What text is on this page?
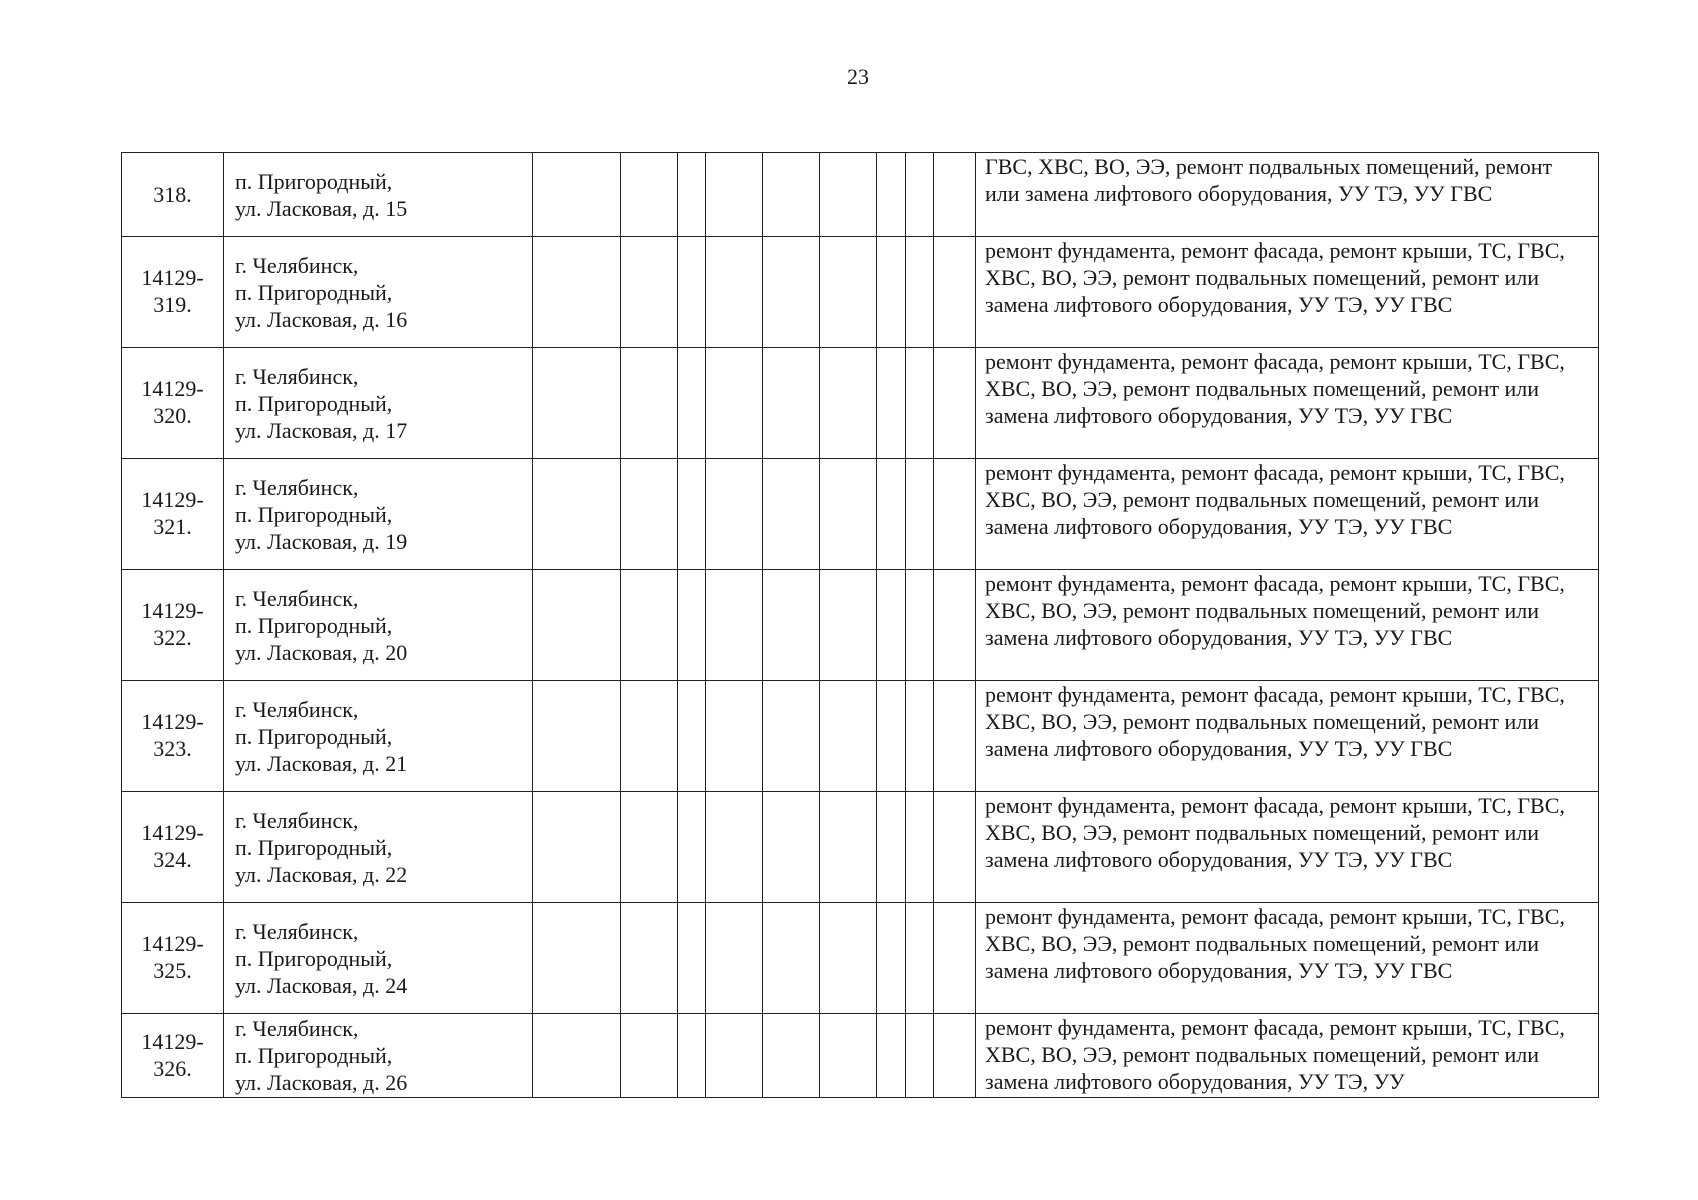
23
318.	п. Пригородный,
ул. Ласковая, д. 15										ГВС, ХВС, ВО, ЭЭ, ремонт подвальных помещений, ремонт или замена лифтового оборудования, УУ ТЭ, УУ ГВС

14129-
319.	г. Челябинск,
п. Пригородный,
ул. Ласковая, д. 16										ремонт фундамента, ремонт фасада, ремонт крыши, ТС, ГВС, ХВС, ВО, ЭЭ, ремонт подвальных помещений, ремонт или замена лифтового оборудования, УУ ТЭ, УУ ГВС

14129-
320.	г. Челябинск,
п. Пригородный,
ул. Ласковая, д. 17										ремонт фундамента, ремонт фасада, ремонт крыши, ТС, ГВС, ХВС, ВО, ЭЭ, ремонт подвальных помещений, ремонт или замена лифтового оборудования, УУ ТЭ, УУ ГВС

14129-
321.	г. Челябинск,
п. Пригородный,
ул. Ласковая, д. 19										ремонт фундамента, ремонт фасада, ремонт крыши, ТС, ГВС, ХВС, ВО, ЭЭ, ремонт подвальных помещений, ремонт или замена лифтового оборудования, УУ ТЭ, УУ ГВС

14129-
322.	г. Челябинск,
п. Пригородный,
ул. Ласковая, д. 20										ремонт фундамента, ремонт фасада, ремонт крыши, ТС, ГВС, ХВС, ВО, ЭЭ, ремонт подвальных помещений, ремонт или замена лифтового оборудования, УУ ТЭ, УУ ГВС

14129-
323.	г. Челябинск,
п. Пригородный,
ул. Ласковая, д. 21										ремонт фундамента, ремонт фасада, ремонт крыши, ТС, ГВС, ХВС, ВО, ЭЭ, ремонт подвальных помещений, ремонт или замена лифтового оборудования, УУ ТЭ, УУ ГВС

14129-
324.	г. Челябинск,
п. Пригородный,
ул. Ласковая, д. 22										ремонт фундамента, ремонт фасада, ремонт крыши, ТС, ГВС, ХВС, ВО, ЭЭ, ремонт подвальных помещений, ремонт или замена лифтового оборудования, УУ ТЭ, УУ ГВС

14129-
325.	г. Челябинск,
п. Пригородный,
ул. Ласковая, д. 24										ремонт фундамента, ремонт фасада, ремонт крыши, ТС, ГВС, ХВС, ВО, ЭЭ, ремонт подвальных помещений, ремонт или замена лифтового оборудования, УУ ТЭ, УУ ГВС

14129-
326.	г. Челябинск,
п. Пригородный,
ул. Ласковая, д. 26										ремонт фундамента, ремонт фасада, ремонт крыши, ТС, ГВС, ХВС, ВО, ЭЭ, ремонт подвальных помещений, ремонт или замена лифтового оборудования, УУ ТЭ, УУ
